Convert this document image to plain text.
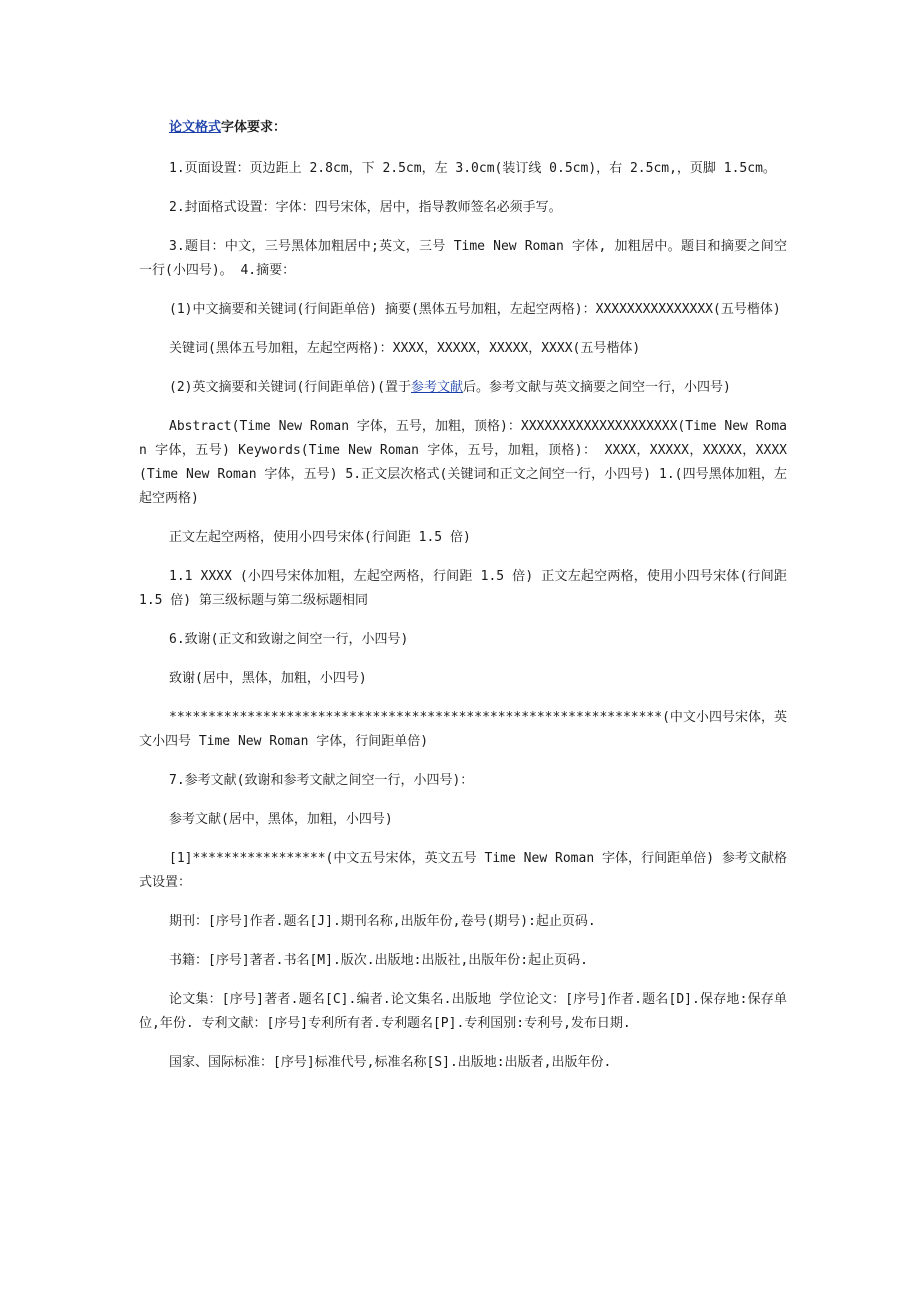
论文格式字体要求：

1.页面设置：页边距上 2.8cm，下 2.5cm，左 3.0cm(装订线 0.5cm)，右 2.5cm,，页脚 1.5cm。

2.封面格式设置：字体：四号宋体，居中，指导教师签名必须手写。

3.题目：中文，三号黑体加粗居中;英文，三号 Time New Roman 字体, 加粗居中。题目和摘要之间空一行(小四号)。 4.摘要：

(1)中文摘要和关键词(行间距单倍) 摘要(黑体五号加粗，左起空两格)：XXXXXXXXXXXXXXX(五号楷体)

关键词(黑体五号加粗，左起空两格)：XXXX，XXXXX，XXXXX，XXXX(五号楷体)

(2)英文摘要和关键词(行间距单倍)(置于参考文献后。参考文献与英文摘要之间空一行，小四号)

Abstract(Time New Roman 字体，五号，加粗，顶格)：XXXXXXXXXXXXXXXXXXXX(Time New Roman 字体，五号) Keywords(Time New Roman 字体，五号，加粗，顶格)： XXXX，XXXXX，XXXXX，XXXX(Time New Roman 字体，五号) 5.正文层次格式(关键词和正文之间空一行，小四号) 1.(四号黑体加粗，左起空两格)

正文左起空两格，使用小四号宋体(行间距 1.5 倍)

1.1 XXXX (小四号宋体加粗，左起空两格，行间距 1.5 倍) 正文左起空两格，使用小四号宋体(行间距 1.5 倍) 第三级标题与第二级标题相同

6.致谢(正文和致谢之间空一行，小四号)

致谢(居中，黑体，加粗，小四号)

***************************************************************(中文小四号宋体，英文小四号 Time New Roman 字体，行间距单倍)

7.参考文献(致谢和参考文献之间空一行，小四号)：

参考文献(居中，黑体，加粗，小四号)

[1]*****************(中文五号宋体，英文五号 Time New Roman 字体，行间距单倍) 参考文献格式设置：

期刊：[序号]作者.题名[J].期刊名称,出版年份,卷号(期号):起止页码.

书籍：[序号]著者.书名[M].版次.出版地:出版社,出版年份:起止页码.

论文集：[序号]著者.题名[C].编者.论文集名.出版地 学位论文：[序号]作者.题名[D].保存地:保存单位,年份. 专利文献：[序号]专利所有者.专利题名[P].专利国别:专利号,发布日期.

国家、国际标准：[序号]标准代号,标准名称[S].出版地:出版者,出版年份.
